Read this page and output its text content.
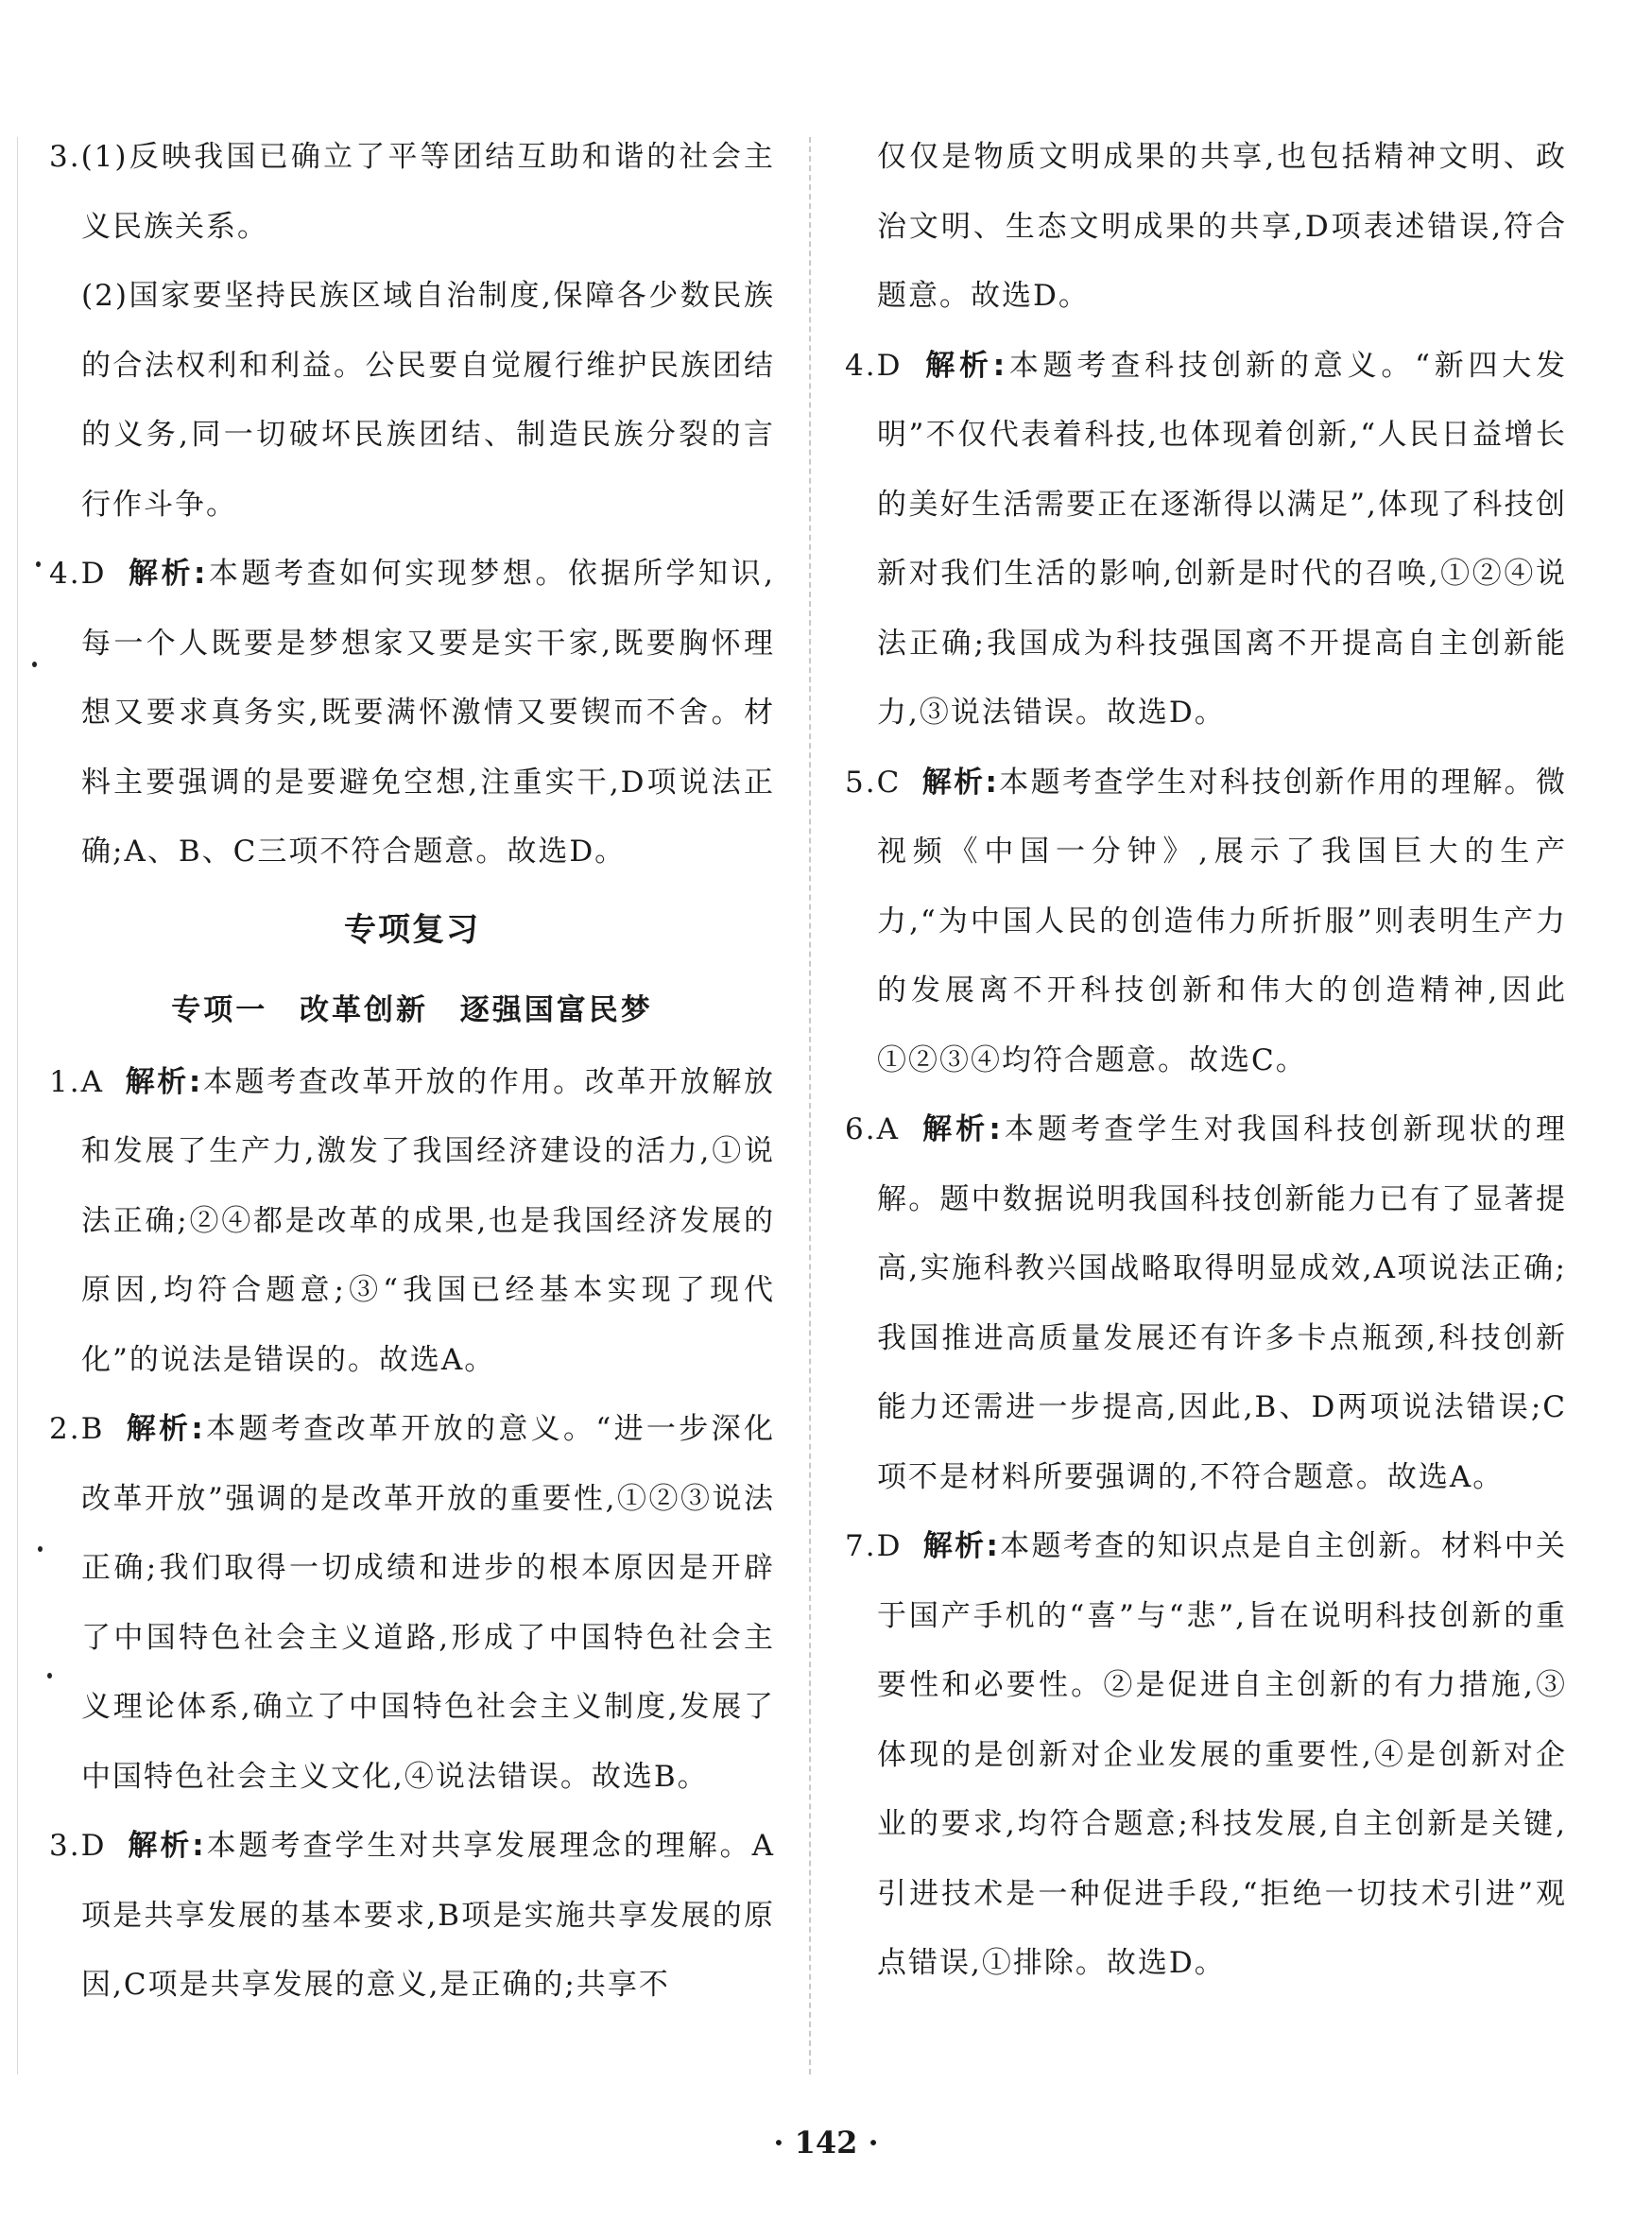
3.(1)反映我国已确立了平等团结互助和谐的社会主义民族关系。

(2)国家要坚持民族区域自治制度,保障各少数民族的合法权利和利益。公民要自觉履行维护民族团结的义务,同一切破坏民族团结、制造民族分裂的言行作斗争。

4.D 解析:本题考查如何实现梦想。依据所学知识,每一个人既要是梦想家又要是实干家,既要胸怀理想又要求真务实,既要满怀激情又要锲而不舍。材料主要强调的是要避免空想,注重实干,D项说法正确;A、B、C三项不符合题意。故选D。

专项复习
专项一 改革创新 逐强国富民梦

1.A 解析:本题考查改革开放的作用。改革开放解放和发展了生产力,激发了我国经济建设的活力,①说法正确;②④都是改革的成果,也是我国经济发展的原因,均符合题意;③“我国已经基本实现了现代化”的说法是错误的。故选A。

2.B 解析:本题考查改革开放的意义。“进一步深化改革开放”强调的是改革开放的重要性,①②③说法正确;我们取得一切成绩和进步的根本原因是开辟了中国特色社会主义道路,形成了中国特色社会主义理论体系,确立了中国特色社会主义制度,发展了中国特色社会主义文化,④说法错误。故选B。

3.D 解析:本题考查学生对共享发展理念的理解。A项是共享发展的基本要求,B项是实施共享发展的原因,C项是共享发展的意义,是正确的;共享不

仅仅是物质文明成果的共享,也包括精神文明、政治文明、生态文明成果的共享,D项表述错误,符合题意。故选D。

4.D 解析:本题考查科技创新的意义。“新四大发明”不仅代表着科技,也体现着创新,“人民日益增长的美好生活需要正在逐渐得以满足”,体现了科技创新对我们生活的影响,创新是时代的召唤,①②④说法正确;我国成为科技强国离不开提高自主创新能力,③说法错误。故选D。

5.C 解析:本题考查学生对科技创新作用的理解。微视频《中国一分钟》,展示了我国巨大的生产力,“为中国人民的创造伟力所折服”则表明生产力的发展离不开科技创新和伟大的创造精神,因此①②③④均符合题意。故选C。

6.A 解析:本题考查学生对我国科技创新现状的理解。题中数据说明我国科技创新能力已有了显著提高,实施科教兴国战略取得明显成效,A项说法正确;我国推进高质量发展还有许多卡点瓶颈,科技创新能力还需进一步提高,因此,B、D两项说法错误;C项不是材料所要强调的,不符合题意。故选A。

7.D 解析:本题考查的知识点是自主创新。材料中关于国产手机的“喜”与“悲”,旨在说明科技创新的重要性和必要性。②是促进自主创新的有力措施,③体现的是创新对企业发展的重要性,④是创新对企业的要求,均符合题意;科技发展,自主创新是关键,引进技术是一种促进手段,“拒绝一切技术引进”观点错误,①排除。故选D。

· 142 ·
